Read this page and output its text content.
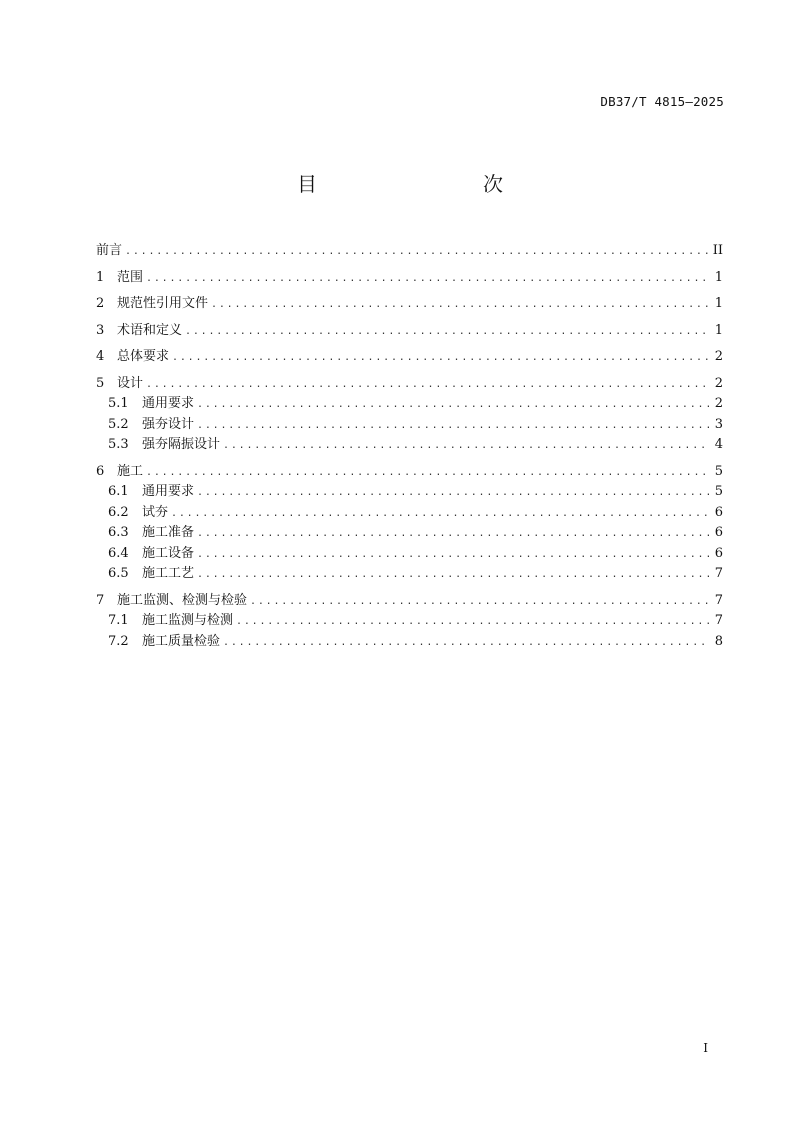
DB37/T 4815—2025
目　　次
前言 .....	II
1 范围 .....	1
2 规范性引用文件 .....	1
3 术语和定义 .....	1
4 总体要求 .....	2
5 设计 .....	2
5.1	通用要求 .....	2
5.2	强夯设计 .....	3
5.3	强夯隔振设计 .....	4
6 施工 .....	5
6.1	通用要求 .....	5
6.2	试夯 .....	6
6.3	施工准备 .....	6
6.4	施工设备 .....	6
6.5	施工工艺 .....	7
7 施工监测、检测与检验 .....	7
7.1	施工监测与检测 .....	7
7.2	施工质量检验 .....	8
I
